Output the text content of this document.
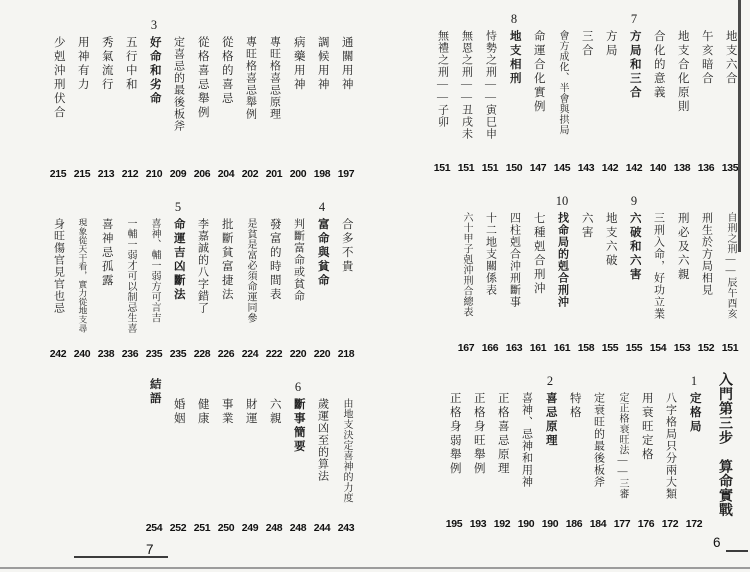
通關用神
197
調候用神
198
病藥用神
200
專旺格喜忌原理
201
專旺格喜忌舉例
202
從格的喜忌
204
從格喜忌舉例
206
定喜忌的最後板斧
209
3
好命和劣命
210
五行中和
212
秀氣流行
213
用神有力
215
少剋沖刑伏合
215
合多不貴
218
4
富命與貧命
220
判斷富命或貧命
220
發富的時間表
222
是貧是富必須命運同參
224
批斷貧富捷法
226
李嘉誠的八字錯了
228
5
命運吉凶斷法
235
喜神、輔一弱方可言吉
235
一輔一弱才可以制忌生喜
236
喜神忌孤露
238
現象從天干看，實力從地支尋
240
身旺傷官見官也忌
242
由地支決定喜神的力度
243
歲運凶至的算法
244
6
斷事簡要
248
六親
248
財運
249
事業
250
健康
251
婚姻
252
結語
254
7
地支六合
135
午亥暗合
136
地支合化原則
138
合化的意義
140
7
方局和三合
142
方局
142
三合
143
會方成化、半會與拱局
145
命運合化實例
147
8
地支相刑
150
恃勢之刑——寅巳申
151
無恩之刑——丑戌未
151
無禮之刑——子卯
151
自刑之刑——辰午酉亥
151
刑生於方局相見
152
刑必及六親
153
三刑入命，好功立業
154
9
六破和六害
155
地支六破
155
六害
158
10
找命局的剋合刑沖
161
七種剋合刑沖
161
四柱剋合沖刑斷事
163
十二地支關係表
166
六十甲子剋沖刑合總表
167
入門第三步　算命實戰
1
定格局
172
八字格局只分兩大類
172
用衰旺定格
176
定正格衰旺法——三審
177
定衰旺的最後板斧
184
特格
186
2
喜忌原理
190
喜神、忌神和用神
190
正格喜忌原理
192
正格身旺舉例
193
正格身弱舉例
195
6
